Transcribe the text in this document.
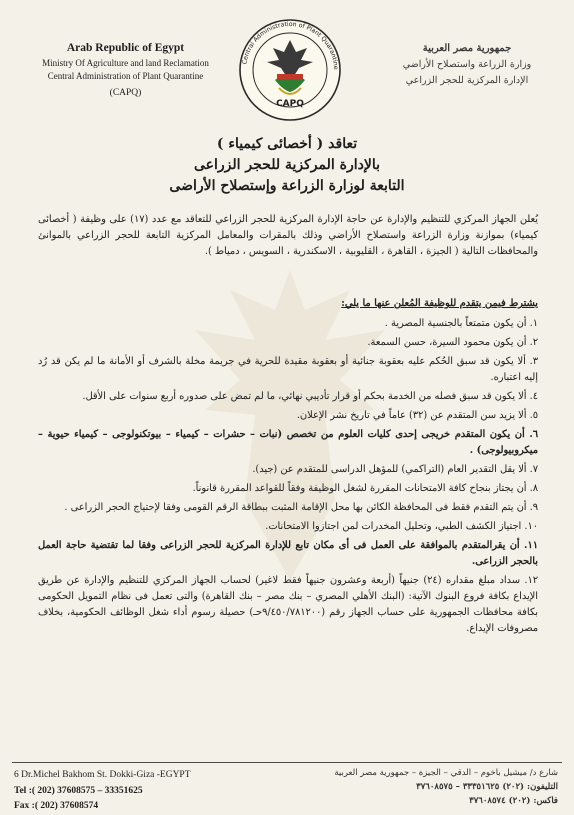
Arab Republic of Egypt
Ministry Of Agriculture and land Reclamation
Central Administration of Plant Quarantine
(CAPQ)
Central Administration of Plant Quarantine
CAPQ
جمهورية مصر العربية
وزارة الزراعة واستصلاح الأراضي
الإدارة المركزية للحجر الزراعي
تعاقد ( أخصائى كيمياء )
بالإدارة المركزية للحجر الزراعى
التابعة لوزارة الزراعة وإستصلاح الأراضى
يُعلن الجهاز المركزي للتنظيم والإدارة عن حاجة الإدارة المركزية للحجر الزراعي للتعاقد مع عدد (١٧) على وظيفة ( أخصائى كيمياء) بموازنة وزارة الزراعة واستصلاح الأراضي وذلك بالمقرات والمعامل المركزية التابعة للحجر الزراعي بالموانئ والمحافظات التالية ( الجيزة ، القاهرة ، القليوبية ، الاسكندرية ، السويس ، دمياط ).
يشترط فيمن يتقدم للوظيفة المُعلن عنها ما يلي:
١. أن يكون متمتعاً بالجنسية المصرية .
٢. أن يكون محمود السيرة، حسن السمعة.
٣. ألا يكون قد سبق الحُكم عليه بعقوبة جنائية أو بعقوبة مقيدة للحرية في جريمة مخلة بالشرف أو الأمانة ما لم يكن قد رُد إليه اعتباره.
٤. ألا يكون قد سبق فصله من الخدمة بحكم أو قرار تأديبي نهائي، ما لم تمض على صدوره أربع سنوات على الأقل.
٥. ألا يزيد سن المتقدم عن (٣٢) عاماً في تاريخ نشر الإعلان.
٦. أن يكون المتقدم خريجى إحدى كليات العلوم من تخصص (نبات – حشرات – كيمياء – بيوتكنولوجى – كيمياء حيوية – ميكروبيولوجى) .
٧. ألا يقل التقدير العام (التراكمي) للمؤهل الدراسى للمتقدم عن (جيد).
٨. أن يجتاز بنجاح كافة الامتحانات المقررة لشغل الوظيفة وفقاً للقواعد المقررة قانوناً.
٩. أن يتم التقدم فقط فى المحافظة الكائن بها محل الإقامة المثبت ببطاقة الرقم القومى وفقا لإحتياج الحجر الزراعى .
١٠. اجتياز الكشف الطبي، وتحليل المخدرات لمن اجتازوا الامتحانات.
١١. أن يقرالمتقدم بالموافقة على العمل فى أى مكان تابع للإدارة المركزية للحجر الزراعى وفقا لما تقتضية حاجة العمل بالحجر الزراعى.
١٢. سداد مبلغ مقداره (٢٤) جنيهاً (أربعة وعشرون جنيهاً فقط لاغير) لحساب الجهاز المركزي للتنظيم والإدارة عن طريق الإيداع بكافة فروع البنوك الآتية: (البنك الأهلي المصري – بنك مصر – بنك القاهرة) والتى تعمل فى نظام التمويل الحكومى بكافة محافظات الجمهورية على حساب الجهاز رقم (٩/٤٥٠/٧٨١٢٠٠حـ) حصيلة رسوم أداء شغل الوظائف الحكومية، بخلاف مصروفات الإيداع.
6 Dr.Michel Bakhom St. Dokki-Giza -EGYPT
Tel :( 202) 37608575 – 33351625
Fax :( 202) 37608574
شارع د/ ميشيل باخوم – الدقي – الجيزة – جمهورية مصر العربية
التليفون: (٢٠٢) ٣٣٣٥١٦٢٥ – ٣٧٦٠٨٥٧٥
فاكس: (٢٠٢) ٣٧٦٠٨٥٧٤
